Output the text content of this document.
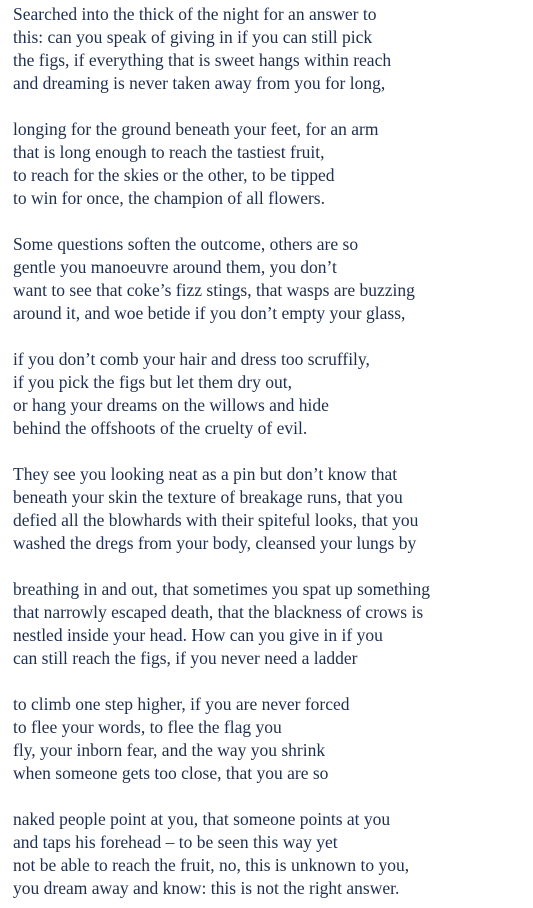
Searched into the thick of the night for an answer to
this: can you speak of giving in if you can still pick
the figs, if everything that is sweet hangs within reach
and dreaming is never taken away from you for long,
longing for the ground beneath your feet, for an arm
that is long enough to reach the tastiest fruit,
to reach for the skies or the other, to be tipped
to win for once, the champion of all flowers.
Some questions soften the outcome, others are so
gentle you manoeuvre around them, you don’t
want to see that coke’s fizz stings, that wasps are buzzing
around it, and woe betide if you don’t empty your glass,
if you don’t comb your hair and dress too scruffily,
if you pick the figs but let them dry out,
or hang your dreams on the willows and hide
behind the offshoots of the cruelty of evil.
They see you looking neat as a pin but don’t know that
beneath your skin the texture of breakage runs, that you
defied all the blowhards with their spiteful looks, that you
washed the dregs from your body, cleansed your lungs by
breathing in and out, that sometimes you spat up something
that narrowly escaped death, that the blackness of crows is
nestled inside your head. How can you give in if you
can still reach the figs, if you never need a ladder
to climb one step higher, if you are never forced
to flee your words, to flee the flag you
fly, your inborn fear, and the way you shrink
when someone gets too close, that you are so
naked people point at you, that someone points at you
and taps his forehead – to be seen this way yet
not be able to reach the fruit, no, this is unknown to you,
you dream away and know: this is not the right answer.
